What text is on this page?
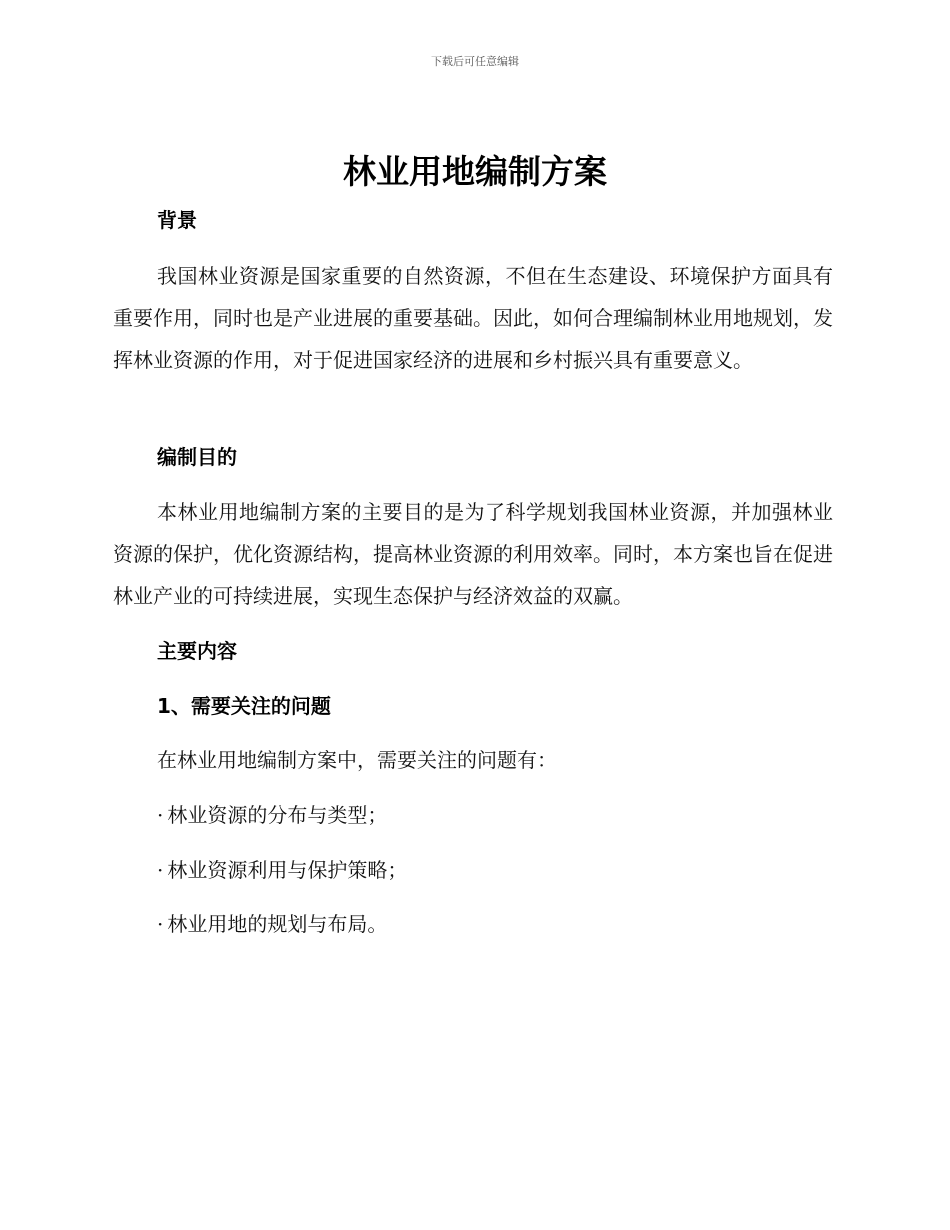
下载后可任意编辑
林业用地编制方案
背景

我国林业资源是国家重要的自然资源，不但在生态建设、环境保护方面具有重要作用，同时也是产业进展的重要基础。因此，如何合理编制林业用地规划，发挥林业资源的作用，对于促进国家经济的进展和乡村振兴具有重要意义。

编制目的

本林业用地编制方案的主要目的是为了科学规划我国林业资源，并加强林业资源的保护，优化资源结构，提高林业资源的利用效率。同时，本方案也旨在促进林业产业的可持续进展，实现生态保护与经济效益的双赢。

主要内容
1、需要关注的问题

在林业用地编制方案中，需要关注的问题有：

· 林业资源的分布与类型；

· 林业资源利用与保护策略；

· 林业用地的规划与布局。
